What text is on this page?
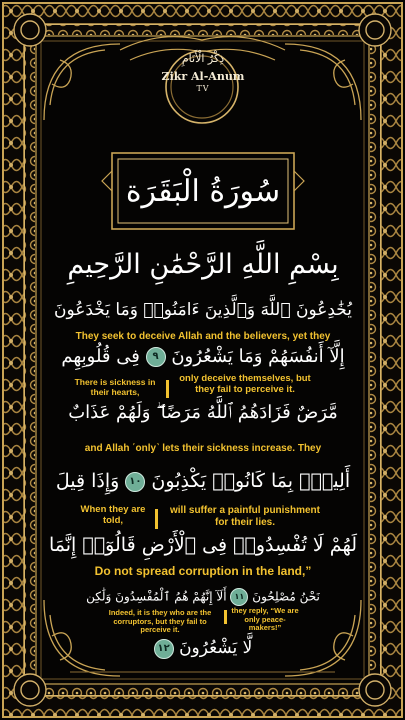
ذِكْرُ الْأَنَامِ
Zikr Al-Anum
TV
سُورَةُ الْبَقَرَة
بِسْمِ اللَّهِ الرَّحْمَٰنِ الرَّحِيمِ
يُخَٰدِعُونَ ٱللَّهَ وَٱلَّذِينَ ءَامَنُوا۟ وَمَا يَخْدَعُونَ
They seek to deceive Allah and the believers, yet they
إِلَّآ أَنفُسَهُمْ وَمَا يَشْعُرُونَ ٩ فِى قُلُوبِهِم
There is sickness in their hearts,
only deceive themselves, but they fail to perceive it.
مَّرَضٌ فَزَادَهُمُ ٱللَّهُ مَرَضًا ۖ وَلَهُمْ عَذَابٌ
and Allah ˹only˺ lets their sickness increase. They
أَلِيمٌۢ بِمَا كَانُوا۟ يَكْذِبُونَ ١٠ وَإِذَا قِيلَ
When they are told,
will suffer a painful punishment for their lies.
لَهُمْ لَا تُفْسِدُوا۟ فِى ٱلْأَرْضِ قَالُوٓا۟ إِنَّمَا
Do not spread corruption in the land,”
نَحْنُ مُصْلِحُونَ ١١ أَلَآ إِنَّهُمْ هُمُ ٱلْمُفْسِدُونَ وَلَٰكِن
Indeed, it is they who are the corruptors, but they fail to perceive it.
they reply, “We are only peace-makers!”
لَّا يَشْعُرُونَ ١٢
